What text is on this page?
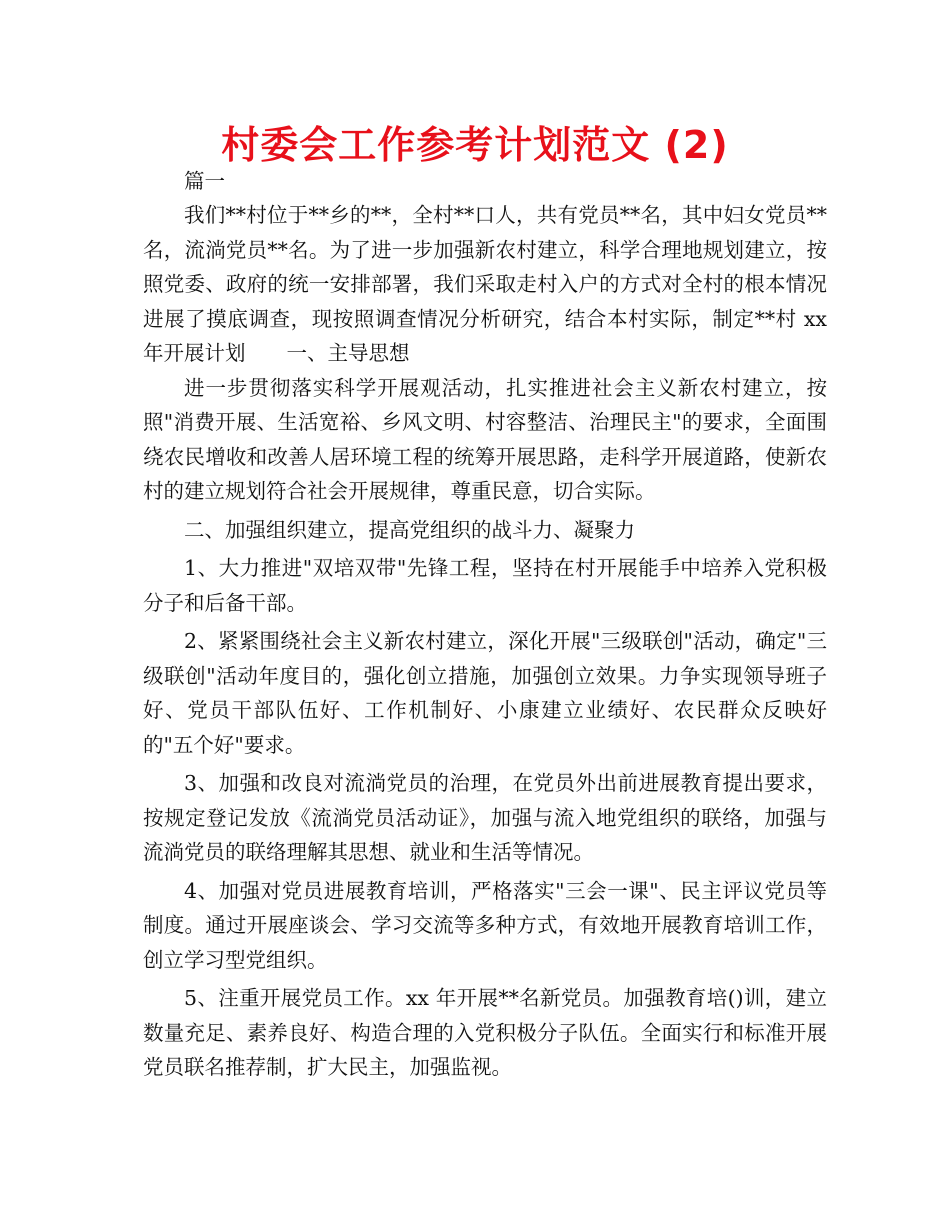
村委会工作参考计划范文 (2)

篇一

我们**村位于**乡的**，全村**口人，共有党员**名，其中妇女党员**名，流淌党员**名。为了进一步加强新农村建立，科学合理地规划建立，按照党委、政府的统一安排部署，我们采取走村入户的方式对全村的根本情况进展了摸底调查，现按照调查情况分析研究，结合本村实际，制定**村 xx 年开展计划　　一、主导思想

进一步贯彻落实科学开展观活动，扎实推进社会主义新农村建立，按照"消费开展、生活宽裕、乡风文明、村容整洁、治理民主"的要求，全面围绕农民增收和改善人居环境工程的统筹开展思路，走科学开展道路，使新农村的建立规划符合社会开展规律，尊重民意，切合实际。

二、加强组织建立，提高党组织的战斗力、凝聚力

1、大力推进"双培双带"先锋工程，坚持在村开展能手中培养入党积极分子和后备干部。

2、紧紧围绕社会主义新农村建立，深化开展"三级联创"活动，确定"三级联创"活动年度目的，强化创立措施，加强创立效果。力争实现领导班子好、党员干部队伍好、工作机制好、小康建立业绩好、农民群众反映好的"五个好"要求。

3、加强和改良对流淌党员的治理，在党员外出前进展教育提出要求，按规定登记发放《流淌党员活动证》，加强与流入地党组织的联络，加强与流淌党员的联络理解其思想、就业和生活等情况。

4、加强对党员进展教育培训，严格落实"三会一课"、民主评议党员等制度。通过开展座谈会、学习交流等多种方式，有效地开展教育培训工作，创立学习型党组织。

5、注重开展党员工作。xx 年开展**名新党员。加强教育培()训，建立数量充足、素养良好、构造合理的入党积极分子队伍。全面实行和标准开展党员联名推荐制，扩大民主，加强监视。
